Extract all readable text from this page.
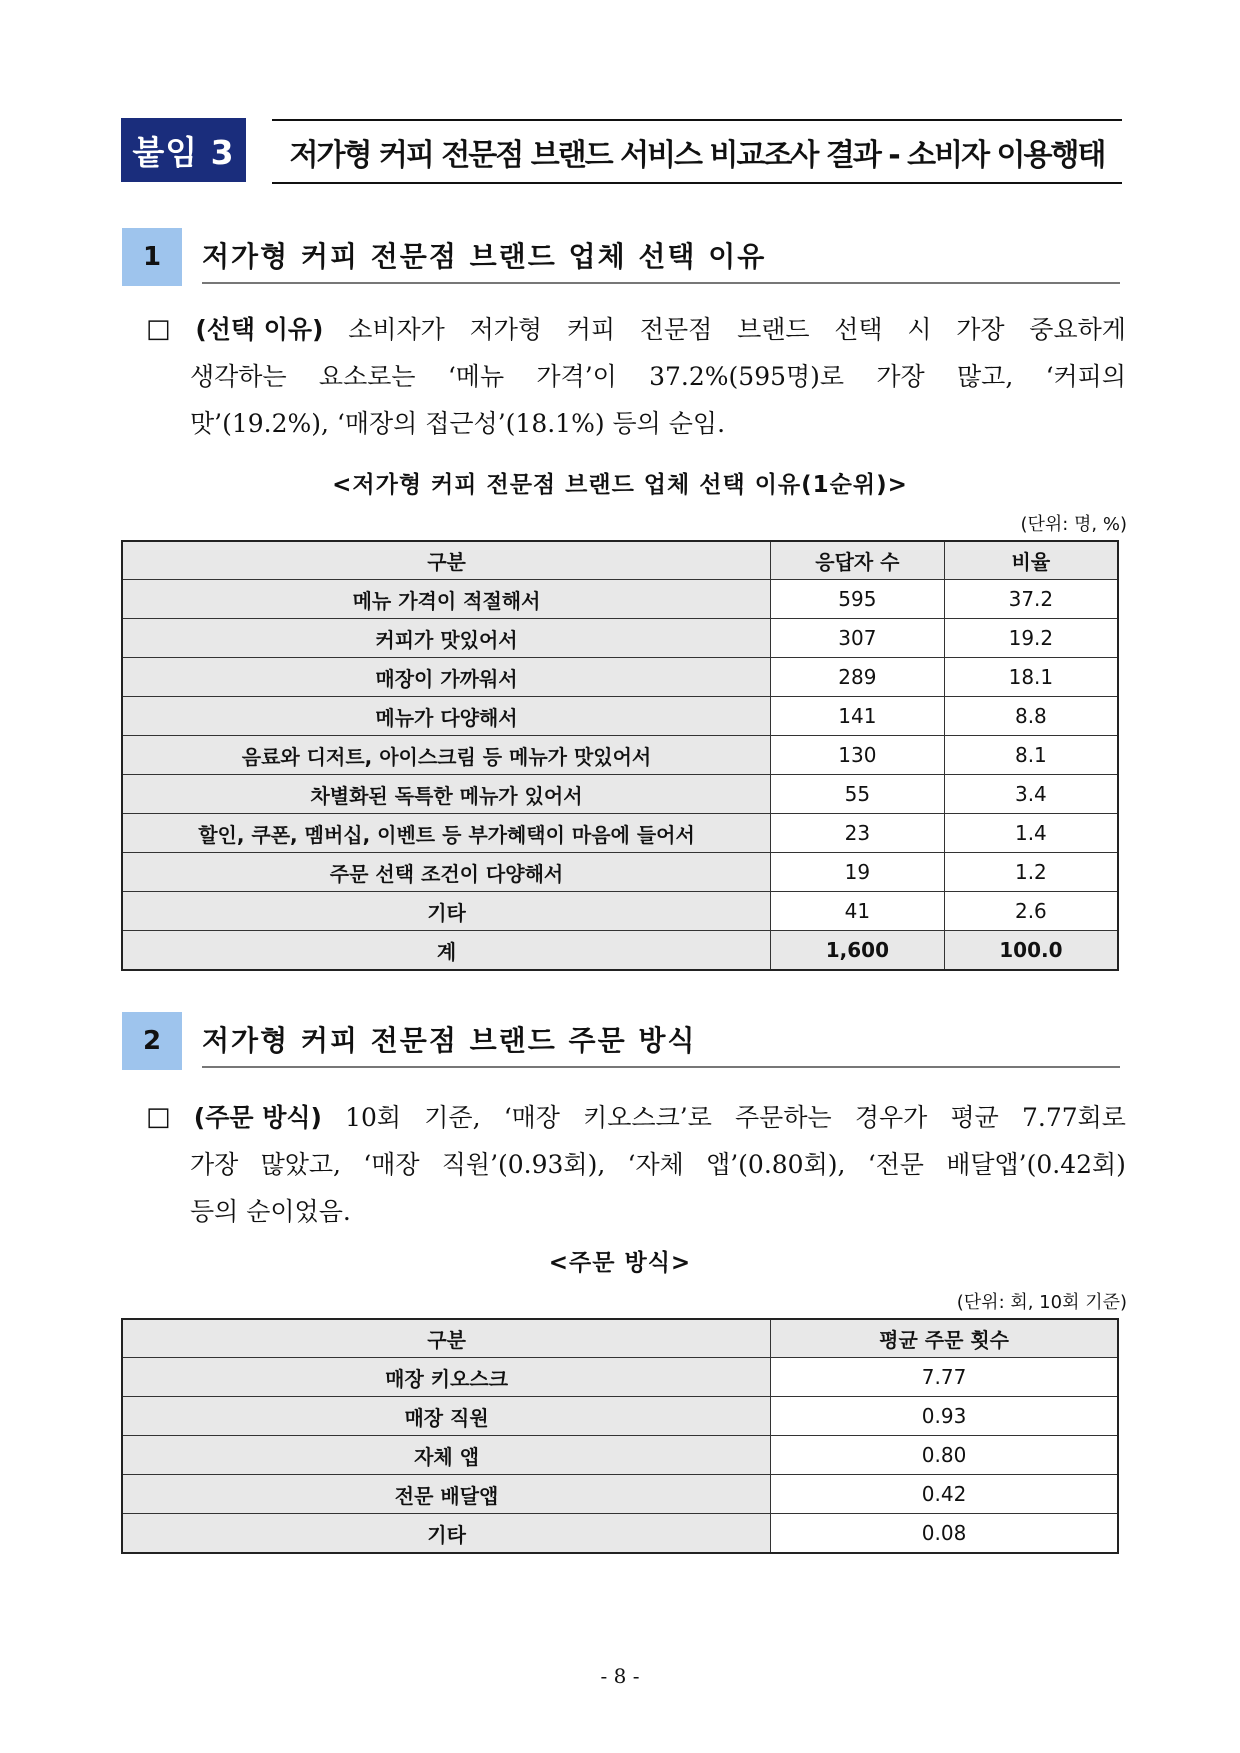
붙임 3	저가형 커피 전문점 브랜드 서비스 비교조사 결과 - 소비자 이용행태
1	저가형 커피 전문점 브랜드 업체 선택 이유
□ (선택 이유) 소비자가 저가형 커피 전문점 브랜드 선택 시 가장 중요하게
생각하는 요소로는 ‘메뉴 가격’이 37.2%(595명)로 가장 많고, ‘커피의
맛’(19.2%), ‘매장의 접근성’(18.1%) 등의 순임.
<저가형 커피 전문점 브랜드 업체 선택 이유(1순위)>
(단위: 명, %)
구분	응답자 수	비율
메뉴 가격이 적절해서	595	37.2
커피가 맛있어서	307	19.2
매장이 가까워서	289	18.1
메뉴가 다양해서	141	8.8
음료와 디저트, 아이스크림 등 메뉴가 맛있어서	130	8.1
차별화된 독특한 메뉴가 있어서	55	3.4
할인, 쿠폰, 멤버십, 이벤트 등 부가혜택이 마음에 들어서	23	1.4
주문 선택 조건이 다양해서	19	1.2
기타	41	2.6
계	1,600	100.0
2	저가형 커피 전문점 브랜드 주문 방식
□ (주문 방식) 10회 기준, ‘매장 키오스크’로 주문하는 경우가 평균 7.77회로
가장 많았고, ‘매장 직원’(0.93회), ‘자체 앱’(0.80회), ‘전문 배달앱’(0.42회)
등의 순이었음.
<주문 방식>
(단위: 회, 10회 기준)
구분	평균 주문 횟수
매장 키오스크	7.77
매장 직원	0.93
자체 앱	0.80
전문 배달앱	0.42
기타	0.08
- 8 -
